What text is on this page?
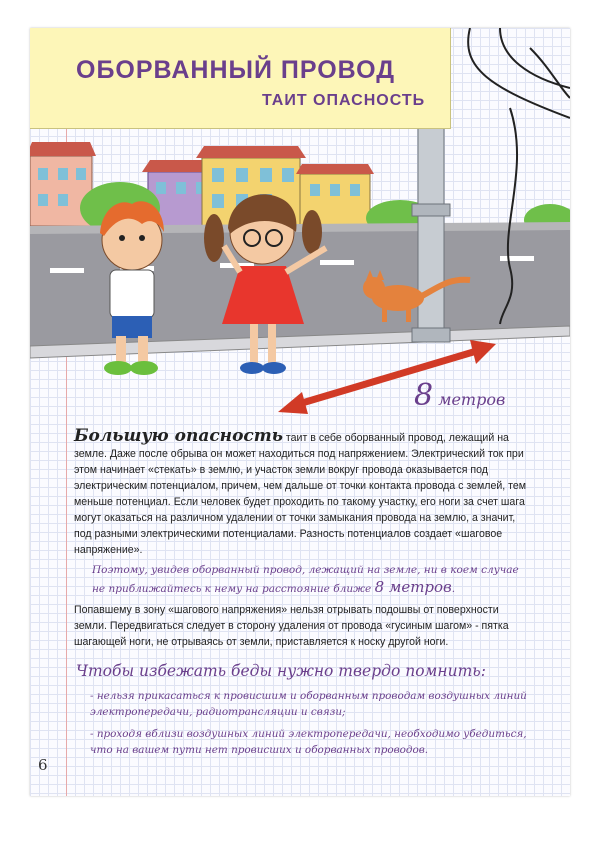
ОБОРВАННЫЙ ПРОВОД
ТАИТ ОПАСНОСТЬ
8 метров
Большую опасность таит в себе оборванный провод, лежащий на земле. Даже после обрыва он может находиться под напряжением. Электрический ток при этом начинает «стекать» в землю, и участок земли вокруг провода оказывается под электрическим потенциалом, причем, чем дальше от точки контакта провода с землей, тем меньше потенциал. Если человек будет проходить по такому участку, его ноги за счет шага могут оказаться на различном удалении от точки замыкания провода на землю, а значит, под разными электрическими потенциалами. Разность потенциалов создает «шаговое напряжение».
Поэтому, увидев оборванный провод, лежащий на земле, ни в коем случае не приближайтесь к нему на расстояние ближе 8 метров.
Попавшему в зону «шагового напряжения» нельзя отрывать подошвы от поверхности земли. Передвигаться следует в сторону удаления от провода «гусиным шагом» - пятка шагающей ноги, не отрываясь от земли, приставляется к носку другой ноги.
Чтобы избежать беды нужно твердо помнить:

- нельзя прикасаться к провисшим и оборванным проводам воздушных линий электропередачи, радиотрансляции и связи;

- проходя вблизи воздушных линий электропередачи, необходимо убедиться, что на вашем пути нет провисших и оборванных проводов.

6
